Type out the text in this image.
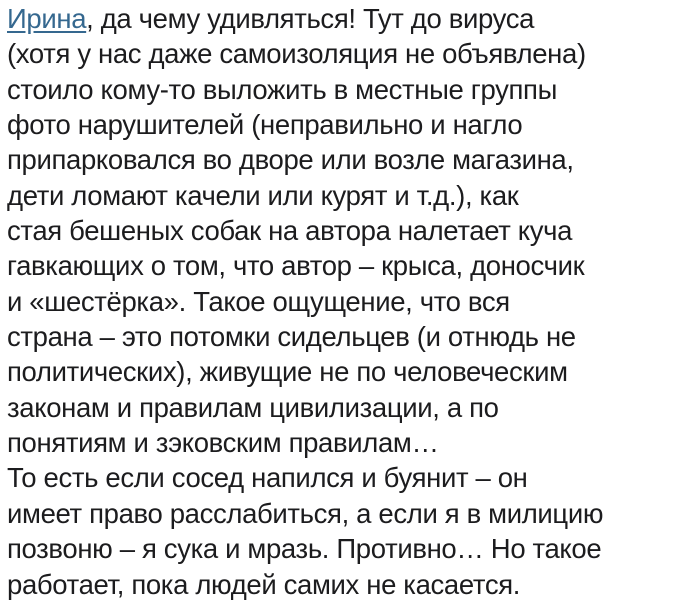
Ирина, да чему удивляться! Тут до вируса
(хотя у нас даже самоизоляция не объявлена)
стоило кому-то выложить в местные группы
фото нарушителей (неправильно и нагло
припарковался во дворе или возле магазина,
дети ломают качели или курят и т.д.), как
стая бешеных собак на автора налетает куча
гавкающих о том, что автор – крыса, доносчик
и «шестёрка». Такое ощущение, что вся
страна – это потомки сидельцев (и отнюдь не
политических), живущие не по человеческим
законам и правилам цивилизации, а по
понятиям и зэковским правилам…
То есть если сосед напился и буянит – он
имеет право расслабиться, а если я в милицию
позвоню – я сука и мразь. Противно… Но такое
работает, пока людей самих не касается.
